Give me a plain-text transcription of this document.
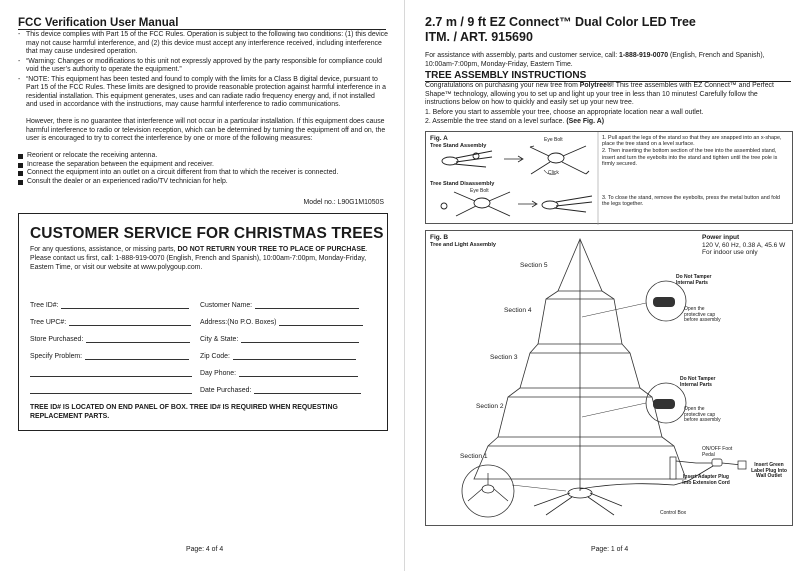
FCC Verification User Manual
- This device complies with Part 15 of the FCC Rules. Operation is subject to the following two conditions: (1) this device may not cause harmful interference, and (2) this device must accept any interference received, including interference that may cause undesired operation.
- “Warning: Changes or modifications to this unit not expressly approved by the party responsible for compliance could void the user’s authority to operate the equipment.”
- “NOTE: This equipment has been tested and found to comply with the limits for a Class B digital device, pursuant to Part 15 of the FCC Rules. These limits are designed to provide reasonable protection against harmful interference in a residential installation. This equipment generates, uses and can radiate radio frequency energy and, if not installed and used in accordance with the instructions, may cause harmful interference to radio communications.
However, there is no guarantee that interference will not occur in a particular installation. If this equipment does cause harmful interference to radio or television reception, which can be determined by turning the equipment off and on, the user is encouraged to try to correct the interference by one or more of the following measures:
Reorient or relocate the receiving antenna.
Increase the separation between the equipment and receiver.
Connect the equipment into an outlet on a circuit different from that to which the receiver is connected.
Consult the dealer or an experienced radio/TV technician for help.
Model no.: L90G1M1050S
CUSTOMER SERVICE FOR CHRISTMAS TREES
For any questions, assistance, or missing parts, DO NOT RETURN YOUR TREE TO PLACE OF PURCHASE. Please contact us first, call: 1-888-919-0070 (English, French and Spanish), 10:00am-7:00pm, Monday-Friday, Eastern Time, or visit our website at www.polygoup.com.
Tree ID#:
Tree UPC#:
Store Purchased:
Specify Problem:
Customer Name:
Address:(No P.O. Boxes)
City & State:
Zip Code:
Day Phone:
Date Purchased:
TREE ID# IS LOCATED ON END PANEL OF BOX. TREE ID# IS REQUIRED WHEN REQUESTING REPLACEMENT PARTS.
Page: 4 of 4
2.7 m / 9 ft EZ Connect™ Dual Color LED Tree
ITM. / ART. 915690
For assistance with assembly, parts and customer service, call: 1-888-919-0070 (English, French and Spanish), 10:00am-7:00pm, Monday-Friday, Eastern Time.
TREE ASSEMBLY INSTRUCTIONS
Congratulations on purchasing your new tree from Polytree®! This tree assembles with EZ Connect™ and Perfect Shape™ technology, allowing you to set up and light up your tree in less than 10 minutes! Carefully follow the instructions below on how to quickly and easily set up your new tree.
1. Before you start to assemble your tree, choose an appropriate location near a wall outlet.
2. Assemble the tree stand on a level surface. (See Fig. A)
Fig. A
Tree Stand Assembly
Eye Bolt
Click
Tree Stand Disassembly
Eye Bolt
1. Pull apart the legs of the stand so that they are snapped into an x-shape, place the tree stand on a level surface.
2. Then inserting the bottom section of the tree into the assembled stand, insert and turn the eyebolts into the stand and tighten until the tree pole is firmly secured.
3. To close the stand, remove the eyebolts, press the metal button and fold the legs together.
Fig. B
Tree and Light Assembly
Power input
120 V, 60 Hz, 0.38 A, 45.6 W
For indoor use only
Section 5
Section 4
Section 3
Section 2
Section 1
Do Not Tamper Internal Parts
Open the protective cap before assembly
Do Not Tamper Internal Parts
Open the protective cap before assembly
ON/OFF Foot Pedal
Insert Green Label Plug Into Wall Outlet
Insert Adapter Plug Into Extension Cord
Control Box
Page: 1 of 4
